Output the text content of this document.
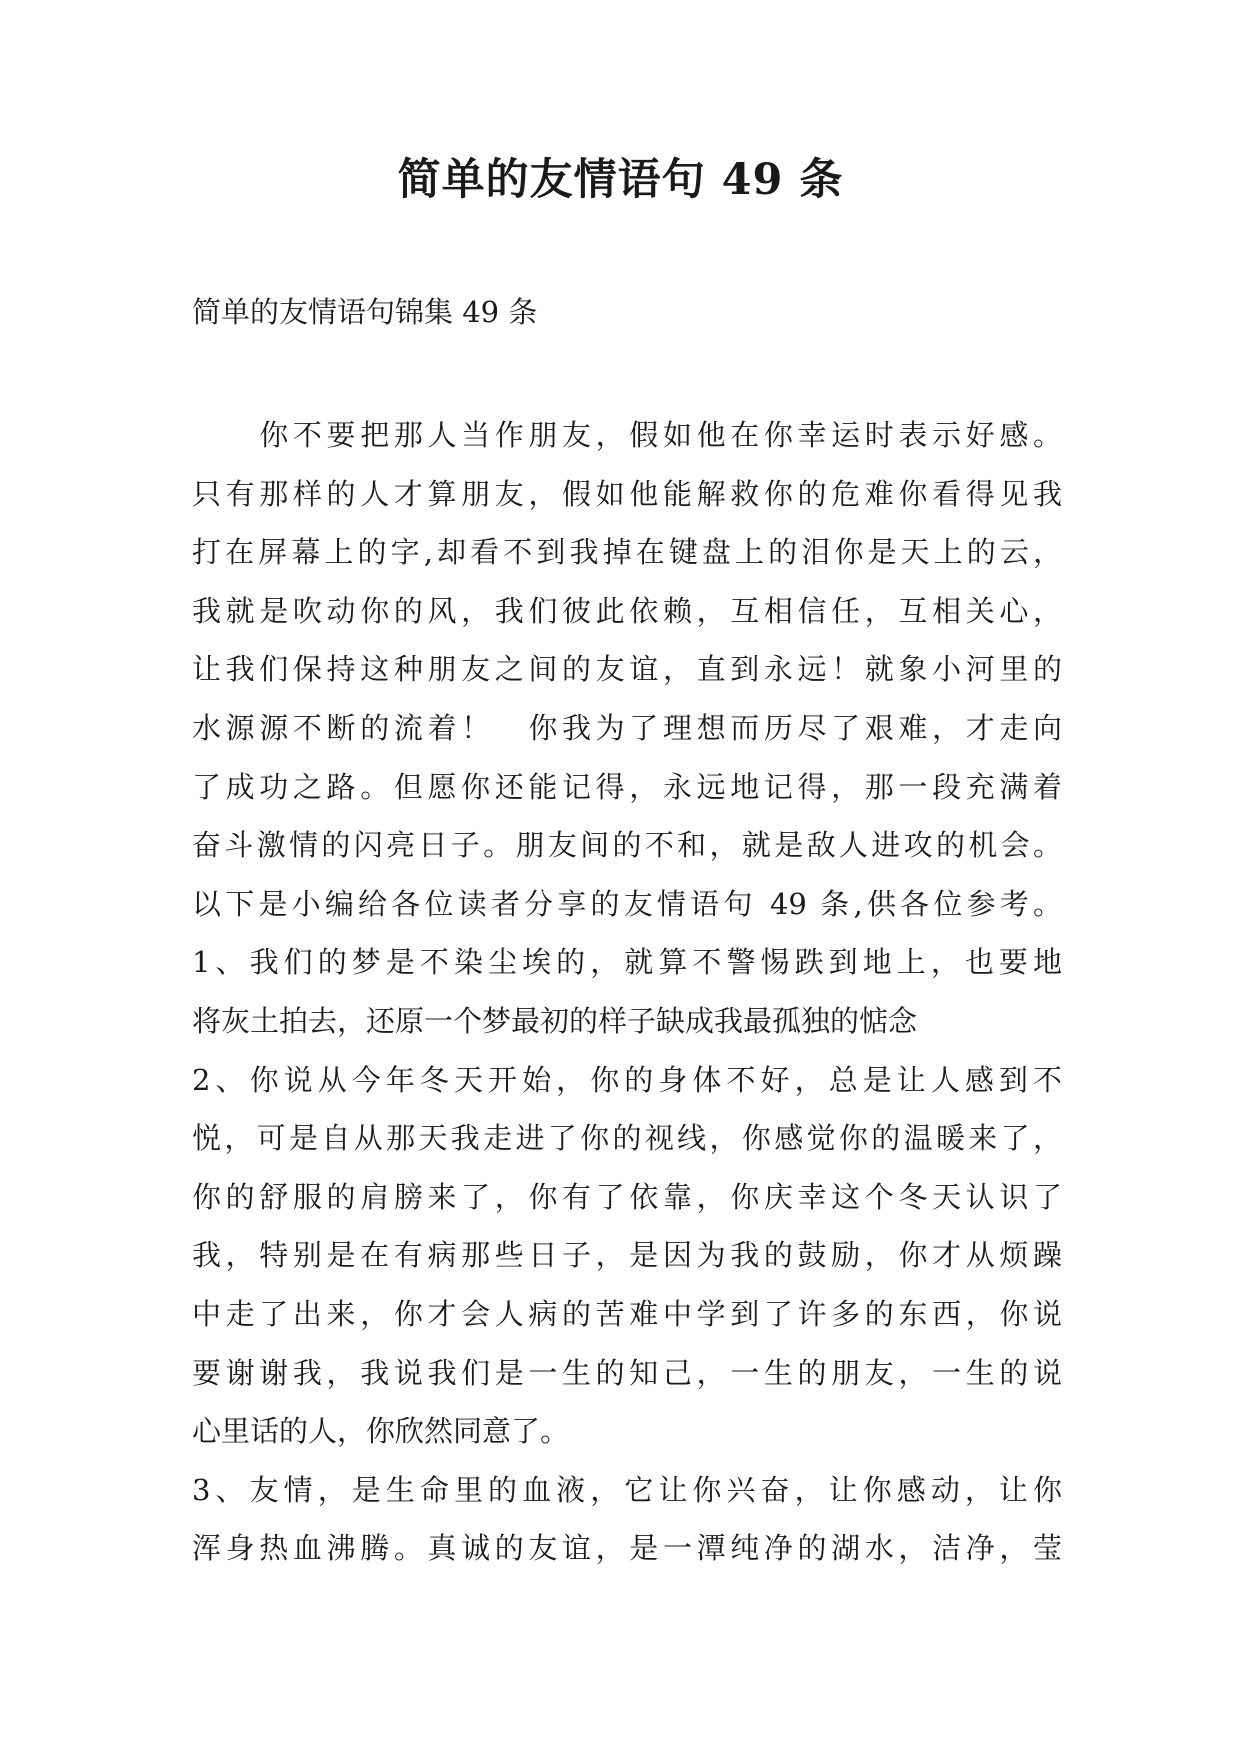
简单的友情语句 49 条

简单的友情语句锦集 49 条

　　你不要把那人当作朋友，假如他在你幸运时表示好感。
只有那样的人才算朋友，假如他能解救你的危难你看得见我
打在屏幕上的字,却看不到我掉在键盘上的泪你是天上的云，
我就是吹动你的风，我们彼此依赖，互相信任，互相关心，
让我们保持这种朋友之间的友谊，直到永远！就象小河里的
水源源不断的流着！　你我为了理想而历尽了艰难，才走向
了成功之路。但愿你还能记得，永远地记得，那一段充满着
奋斗激情的闪亮日子。朋友间的不和，就是敌人进攻的机会。
以下是小编给各位读者分享的友情语句 49 条,供各位参考。
1、我们的梦是不染尘埃的，就算不警惕跌到地上，也要地
将灰土拍去，还原一个梦最初的样子缺成我最孤独的惦念
2、你说从今年冬天开始，你的身体不好，总是让人感到不
悦，可是自从那天我走进了你的视线，你感觉你的温暖来了，
你的舒服的肩膀来了，你有了依靠，你庆幸这个冬天认识了
我，特别是在有病那些日子，是因为我的鼓励，你才从烦躁
中走了出来，你才会人病的苦难中学到了许多的东西，你说
要谢谢我，我说我们是一生的知己，一生的朋友，一生的说
心里话的人，你欣然同意了。
3、友情，是生命里的血液，它让你兴奋，让你感动，让你
浑身热血沸腾。真诚的友谊，是一潭纯净的湖水，洁净，莹
